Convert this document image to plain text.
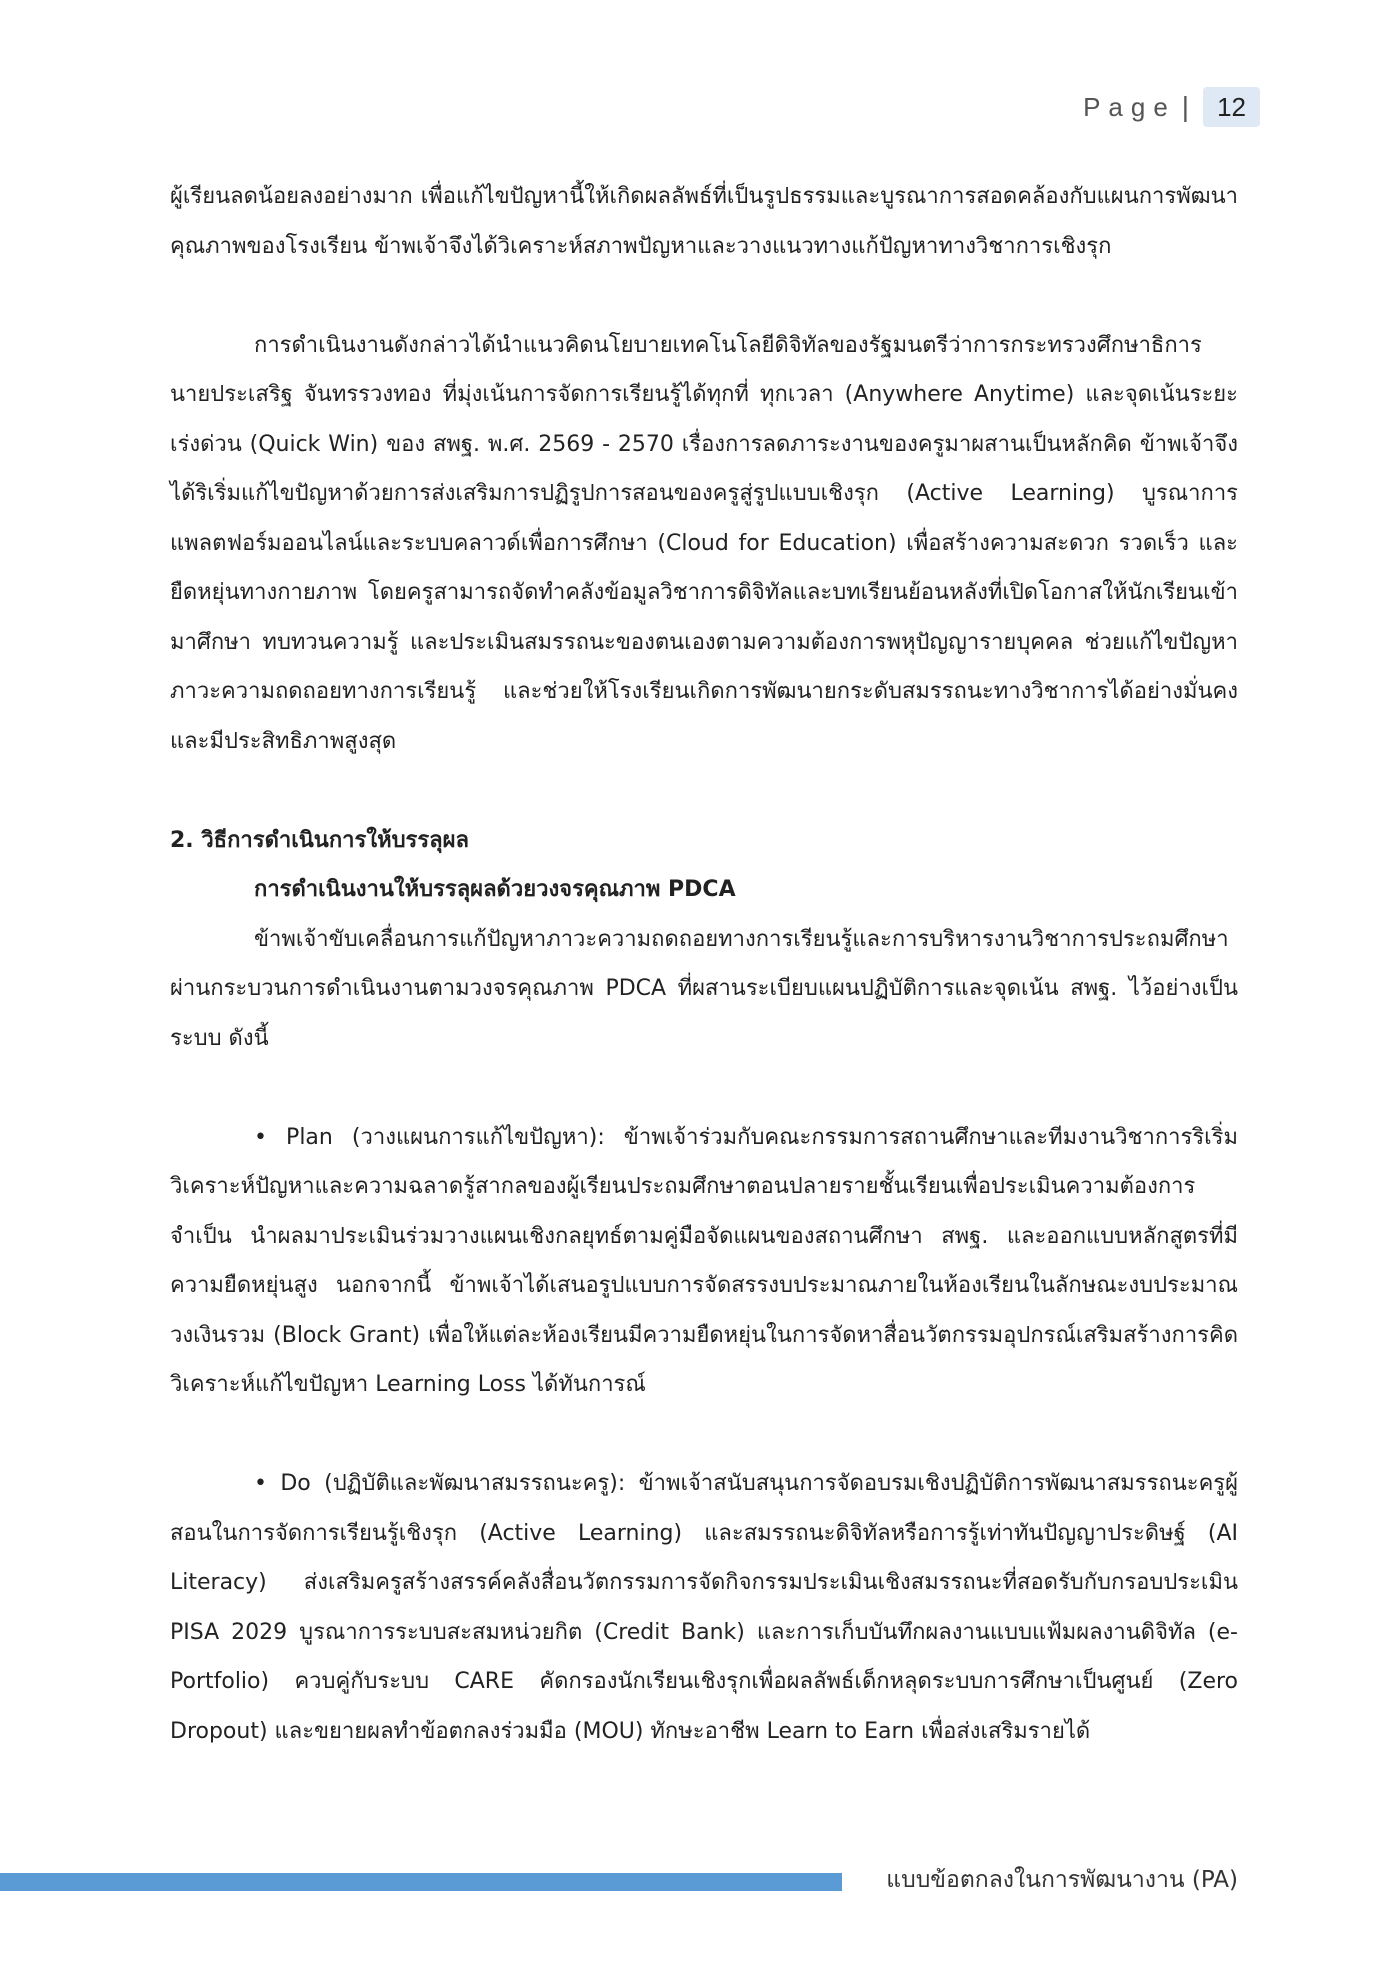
Page |	12

ผู้เรียนลดน้อยลงอย่างมาก เพื่อแก้ไขปัญหานี้ให้เกิดผลลัพธ์ที่เป็นรูปธรรมและบูรณาการสอดคล้องกับแผนการพัฒนาคุณภาพของโรงเรียน ข้าพเจ้าจึงได้วิเคราะห์สภาพปัญหาและวางแนวทางแก้ปัญหาทางวิชาการเชิงรุก

การดำเนินงานดังกล่าวได้นำแนวคิดนโยบายเทคโนโลยีดิจิทัลของรัฐมนตรีว่าการกระทรวงศึกษาธิการ นายประเสริฐ จันทรรวงทอง ที่มุ่งเน้นการจัดการเรียนรู้ได้ทุกที่ ทุกเวลา (Anywhere Anytime) และจุดเน้นระยะเร่งด่วน (Quick Win) ของ สพฐ. พ.ศ. 2569 - 2570 เรื่องการลดภาระงานของครูมาผสานเป็นหลักคิด ข้าพเจ้าจึงได้ริเริ่มแก้ไขปัญหาด้วยการส่งเสริมการปฏิรูปการสอนของครูสู่รูปแบบเชิงรุก (Active Learning) บูรณาการแพลตฟอร์มออนไลน์และระบบคลาวด์เพื่อการศึกษา (Cloud for Education) เพื่อสร้างความสะดวก รวดเร็ว และยืดหยุ่นทางกายภาพ โดยครูสามารถจัดทำคลังข้อมูลวิชาการดิจิทัลและบทเรียนย้อนหลังที่เปิดโอกาสให้นักเรียนเข้ามาศึกษา ทบทวนความรู้ และประเมินสมรรถนะของตนเองตามความต้องการพหุปัญญารายบุคคล ช่วยแก้ไขปัญหาภาวะความถดถอยทางการเรียนรู้ และช่วยให้โรงเรียนเกิดการพัฒนายกระดับสมรรถนะทางวิชาการได้อย่างมั่นคงและมีประสิทธิภาพสูงสุด

2. วิธีการดำเนินการให้บรรลุผล

การดำเนินงานให้บรรลุผลด้วยวงจรคุณภาพ PDCA

ข้าพเจ้าขับเคลื่อนการแก้ปัญหาภาวะความถดถอยทางการเรียนรู้และการบริหารงานวิชาการประถมศึกษา ผ่านกระบวนการดำเนินงานตามวงจรคุณภาพ PDCA ที่ผสานระเบียบแผนปฏิบัติการและจุดเน้น สพฐ. ไว้อย่างเป็นระบบ ดังนี้

• Plan (วางแผนการแก้ไขปัญหา): ข้าพเจ้าร่วมกับคณะกรรมการสถานศึกษาและทีมงานวิชาการริเริ่มวิเคราะห์ปัญหาและความฉลาดรู้สากลของผู้เรียนประถมศึกษาตอนปลายรายชั้นเรียนเพื่อประเมินความต้องการจำเป็น นำผลมาประเมินร่วมวางแผนเชิงกลยุทธ์ตามคู่มือจัดแผนของสถานศึกษา สพฐ. และออกแบบหลักสูตรที่มีความยืดหยุ่นสูง นอกจากนี้ ข้าพเจ้าได้เสนอรูปแบบการจัดสรรงบประมาณภายในห้องเรียนในลักษณะงบประมาณวงเงินรวม (Block Grant) เพื่อให้แต่ละห้องเรียนมีความยืดหยุ่นในการจัดหาสื่อนวัตกรรมอุปกรณ์เสริมสร้างการคิดวิเคราะห์แก้ไขปัญหา Learning Loss ได้ทันการณ์

• Do (ปฏิบัติและพัฒนาสมรรถนะครู): ข้าพเจ้าสนับสนุนการจัดอบรมเชิงปฏิบัติการพัฒนาสมรรถนะครูผู้สอนในการจัดการเรียนรู้เชิงรุก (Active Learning) และสมรรถนะดิจิทัลหรือการรู้เท่าทันปัญญาประดิษฐ์ (AI Literacy) ส่งเสริมครูสร้างสรรค์คลังสื่อนวัตกรรมการจัดกิจกรรมประเมินเชิงสมรรถนะที่สอดรับกับกรอบประเมิน PISA 2029 บูรณาการระบบสะสมหน่วยกิต (Credit Bank) และการเก็บบันทึกผลงานแบบแฟ้มผลงานดิจิทัล (e-Portfolio) ควบคู่กับระบบ CARE คัดกรองนักเรียนเชิงรุกเพื่อผลลัพธ์เด็กหลุดระบบการศึกษาเป็นศูนย์ (Zero Dropout) และขยายผลทำข้อตกลงร่วมมือ (MOU) ทักษะอาชีพ Learn to Earn เพื่อส่งเสริมรายได้

แบบข้อตกลงในการพัฒนางาน (PA)
